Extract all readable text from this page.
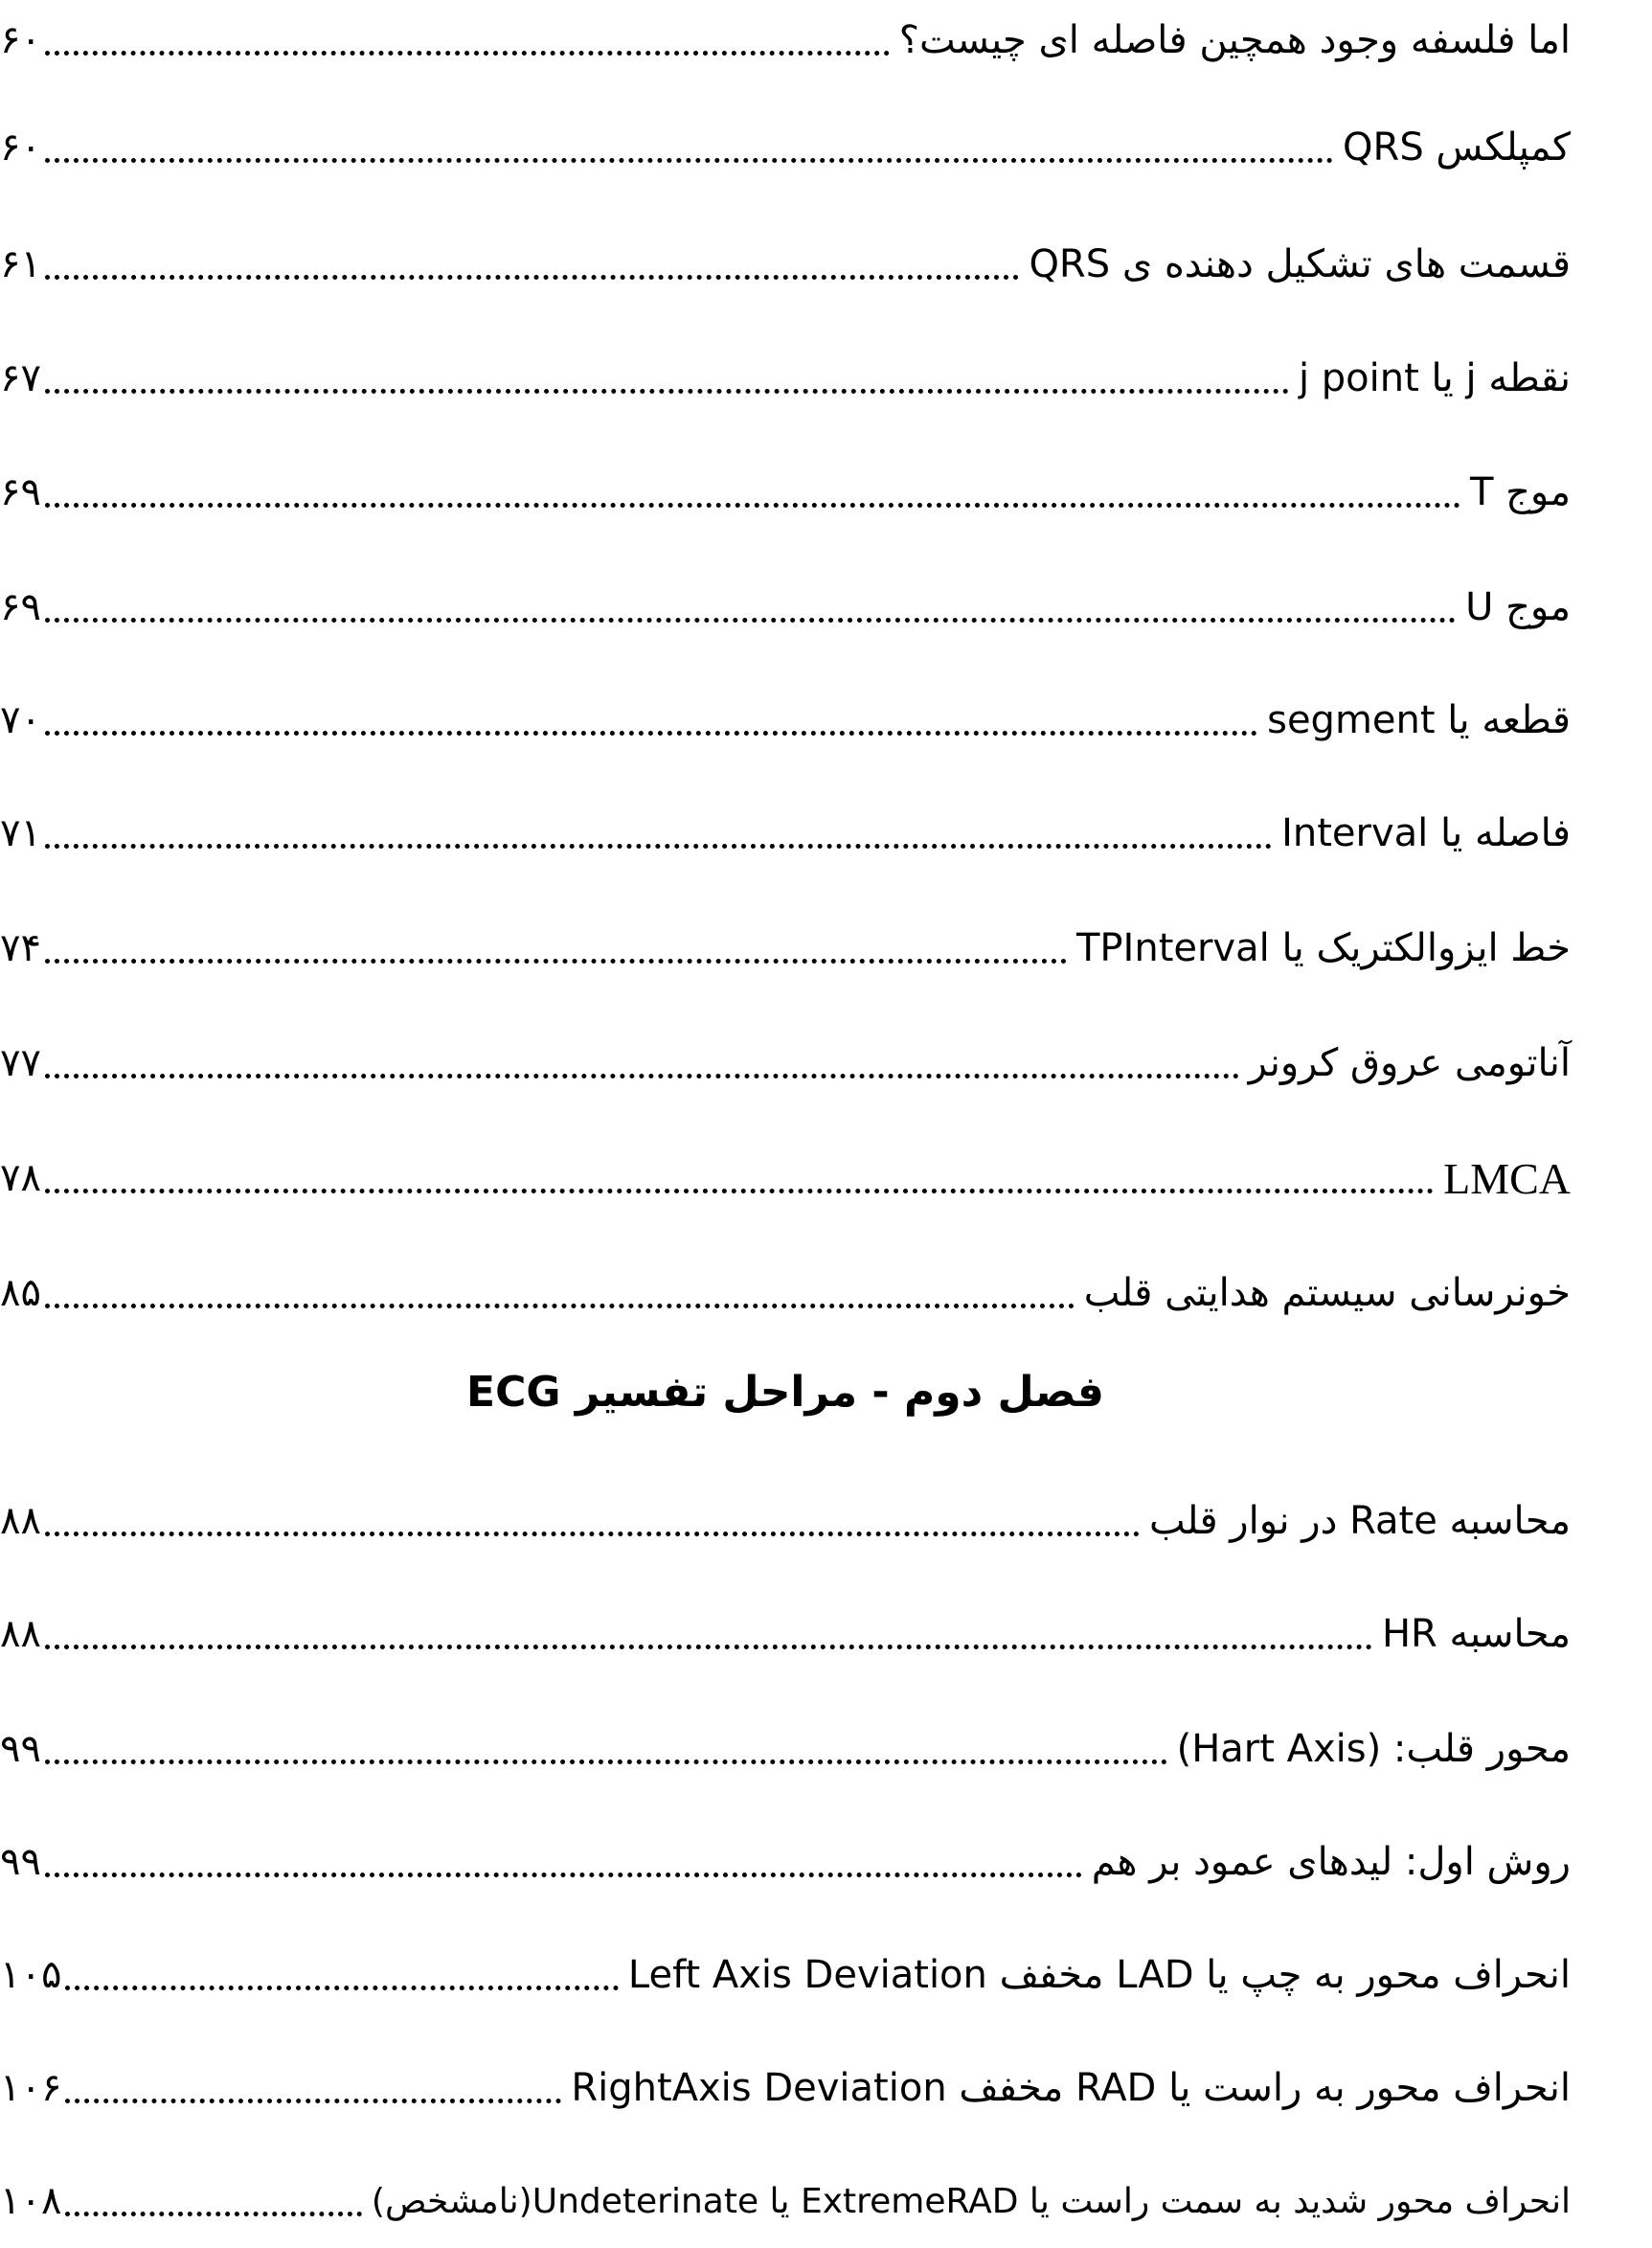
اما فلسفه وجود همچین فاصله ای چیست؟
۶۰
کمپلکس QRS
۶۰
قسمت های تشکیل دهنده ی QRS
۶۱
نقطه j یا j point
۶۷
موج T
۶۹
موج U
۶۹
قطعه یا segment
۷۰
فاصله یا Interval
۷۱
خط ایزوالکتریک یا TPInterval
۷۴
آناتومی عروق کرونر
۷۷
LMCA
۷۸
خونرسانی سیستم هدایتی قلب
۸۵
فصل دوم - مراحل تفسیر ECG
محاسبه Rate در نوار قلب
۸۸
محاسبه HR
۸۸
محور قلب: (Hart Axis)
۹۹
روش اول: لیدهای عمود بر هم
۹۹
انحراف محور به چپ یا LAD مخفف Left Axis Deviation
۱۰۵
انحراف محور به راست یا RAD مخفف RightAxis Deviation
۱۰۶
انحراف محور شدید به سمت راست یا ExtremeRAD یا Undeterinate(نامشخص)
۱۰۸
